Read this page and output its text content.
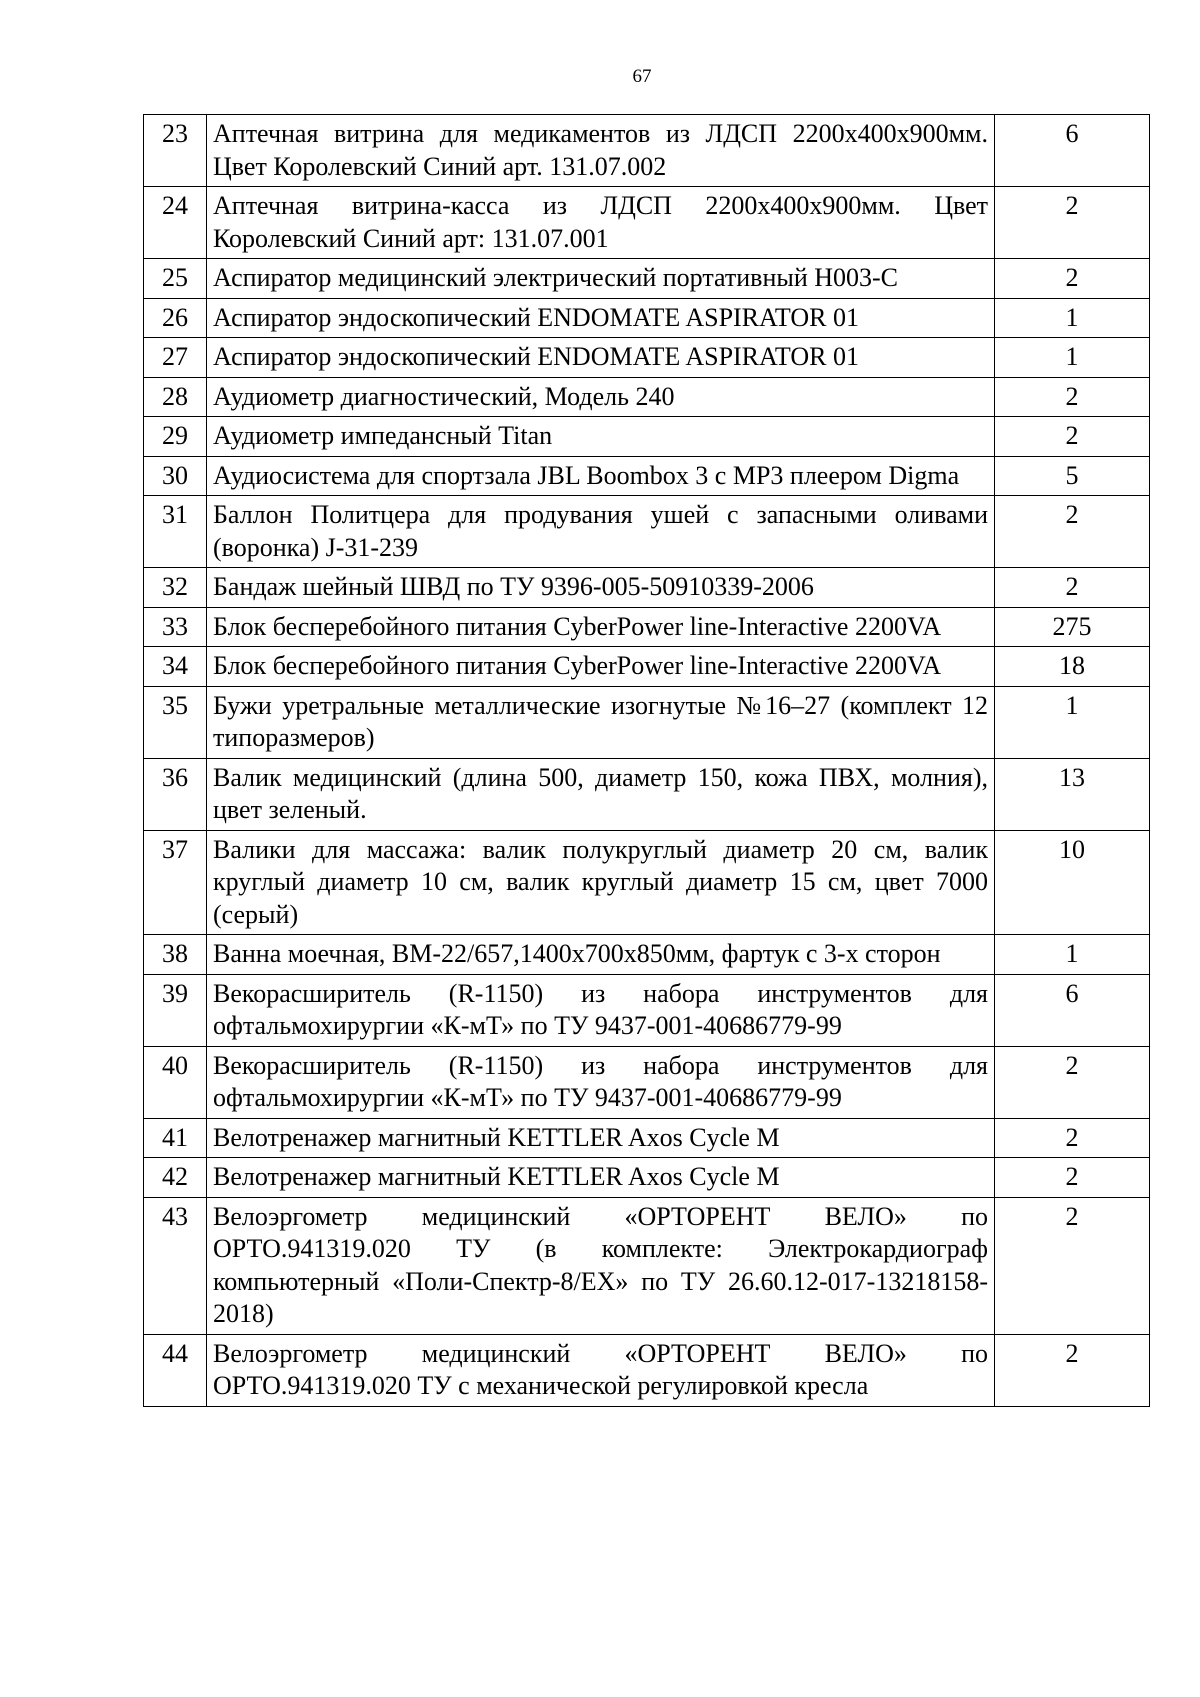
67
23	Аптечная витрина для медикаментов из ЛДСП 2200х400х900мм. Цвет Королевский Синий арт. 131.07.002	6
24	Аптечная витрина-касса из ЛДСП 2200х400х900мм. Цвет Королевский Синий арт: 131.07.001	2
25	Аспиратор медицинский электрический портативный Н003-С	2
26	Аспиратор эндоскопический ENDOMATE ASPIRATOR 01	1
27	Аспиратор эндоскопический ENDOMATE ASPIRATOR 01	1
28	Аудиометр диагностический, Модель 240	2
29	Аудиометр импедансный Titan	2
30	Аудиосистема для спортзала JBL Boombox 3 с MP3 плеером Digma	5
31	Баллон Политцера для продувания ушей с запасными оливами (воронка) J-31-239	2
32	Бандаж шейный ШВД по ТУ 9396-005-50910339-2006	2
33	Блок бесперебойного питания CyberPower line-Interactive 2200VA	275
34	Блок бесперебойного питания CyberPower line-Interactive 2200VA	18
35	Бужи уретральные металлические изогнутые №16–27 (комплект 12 типоразмеров)	1
36	Валик медицинский (длина 500, диаметр 150, кожа ПВХ, молния), цвет зеленый.	13
37	Валики для массажа: валик полукруглый диаметр 20 см, валик круглый диаметр 10 см, валик круглый диаметр 15 см, цвет 7000 (серый)	10
38	Ванна моечная, ВМ-22/657,1400х700х850мм, фартук с 3-х сторон	1
39	Векорасширитель (R-1150) из набора инструментов для офтальмохирургии «К-мТ» по ТУ 9437-001-40686779-99	6
40	Векорасширитель (R-1150) из набора инструментов для офтальмохирургии «К-мТ» по ТУ 9437-001-40686779-99	2
41	Велотренажер магнитный KETTLER Axos Cycle M	2
42	Велотренажер магнитный KETTLER Axos Cycle M	2
43	Велоэргометр медицинский «ОРТОРЕНТ ВЕЛО» по ОРТО.941319.020 ТУ (в комплекте: Электрокардиограф компьютерный «Поли-Спектр-8/ЕХ» по ТУ 26.60.12-017-13218158-2018)	2
44	Велоэргометр медицинский «ОРТОРЕНТ ВЕЛО» по ОРТО.941319.020 ТУ с механической регулировкой кресла	2
